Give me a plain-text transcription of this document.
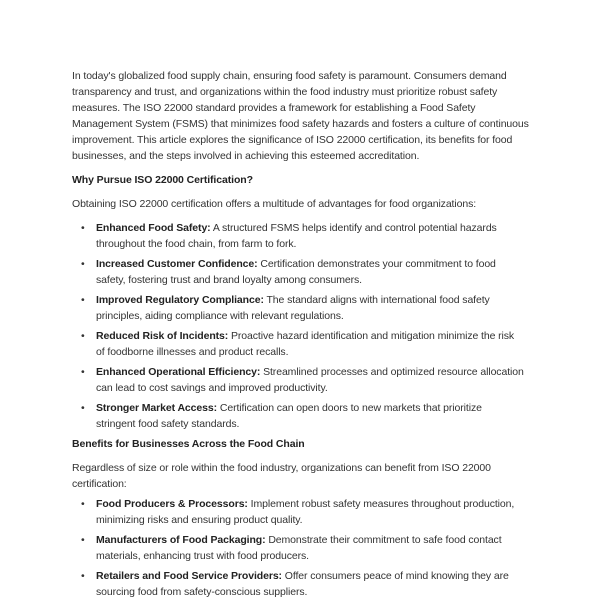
In today's globalized food supply chain, ensuring food safety is paramount. Consumers demand
transparency and trust, and organizations within the food industry must prioritize robust safety
measures. The ISO 22000 standard provides a framework for establishing a Food Safety
Management System (FSMS) that minimizes food safety hazards and fosters a culture of continuous
improvement. This article explores the significance of ISO 22000 certification, its benefits for food
businesses, and the steps involved in achieving this esteemed accreditation.
Why Pursue ISO 22000 Certification?
Obtaining ISO 22000 certification offers a multitude of advantages for food organizations:
•	Enhanced Food Safety: A structured FSMS helps identify and control potential hazards
throughout the food chain, from farm to fork.
•	Increased Customer Confidence: Certification demonstrates your commitment to food
safety, fostering trust and brand loyalty among consumers.
•	Improved Regulatory Compliance: The standard aligns with international food safety
principles, aiding compliance with relevant regulations.
•	Reduced Risk of Incidents: Proactive hazard identification and mitigation minimize the risk
of foodborne illnesses and product recalls.
•	Enhanced Operational Efficiency: Streamlined processes and optimized resource allocation
can lead to cost savings and improved productivity.
•	Stronger Market Access: Certification can open doors to new markets that prioritize
stringent food safety standards.
Benefits for Businesses Across the Food Chain
Regardless of size or role within the food industry, organizations can benefit from ISO 22000
certification:
•	Food Producers & Processors: Implement robust safety measures throughout production,
minimizing risks and ensuring product quality.
•	Manufacturers of Food Packaging: Demonstrate their commitment to safe food contact
materials, enhancing trust with food producers.
•	Retailers and Food Service Providers: Offer consumers peace of mind knowing they are
sourcing food from safety-conscious suppliers.
